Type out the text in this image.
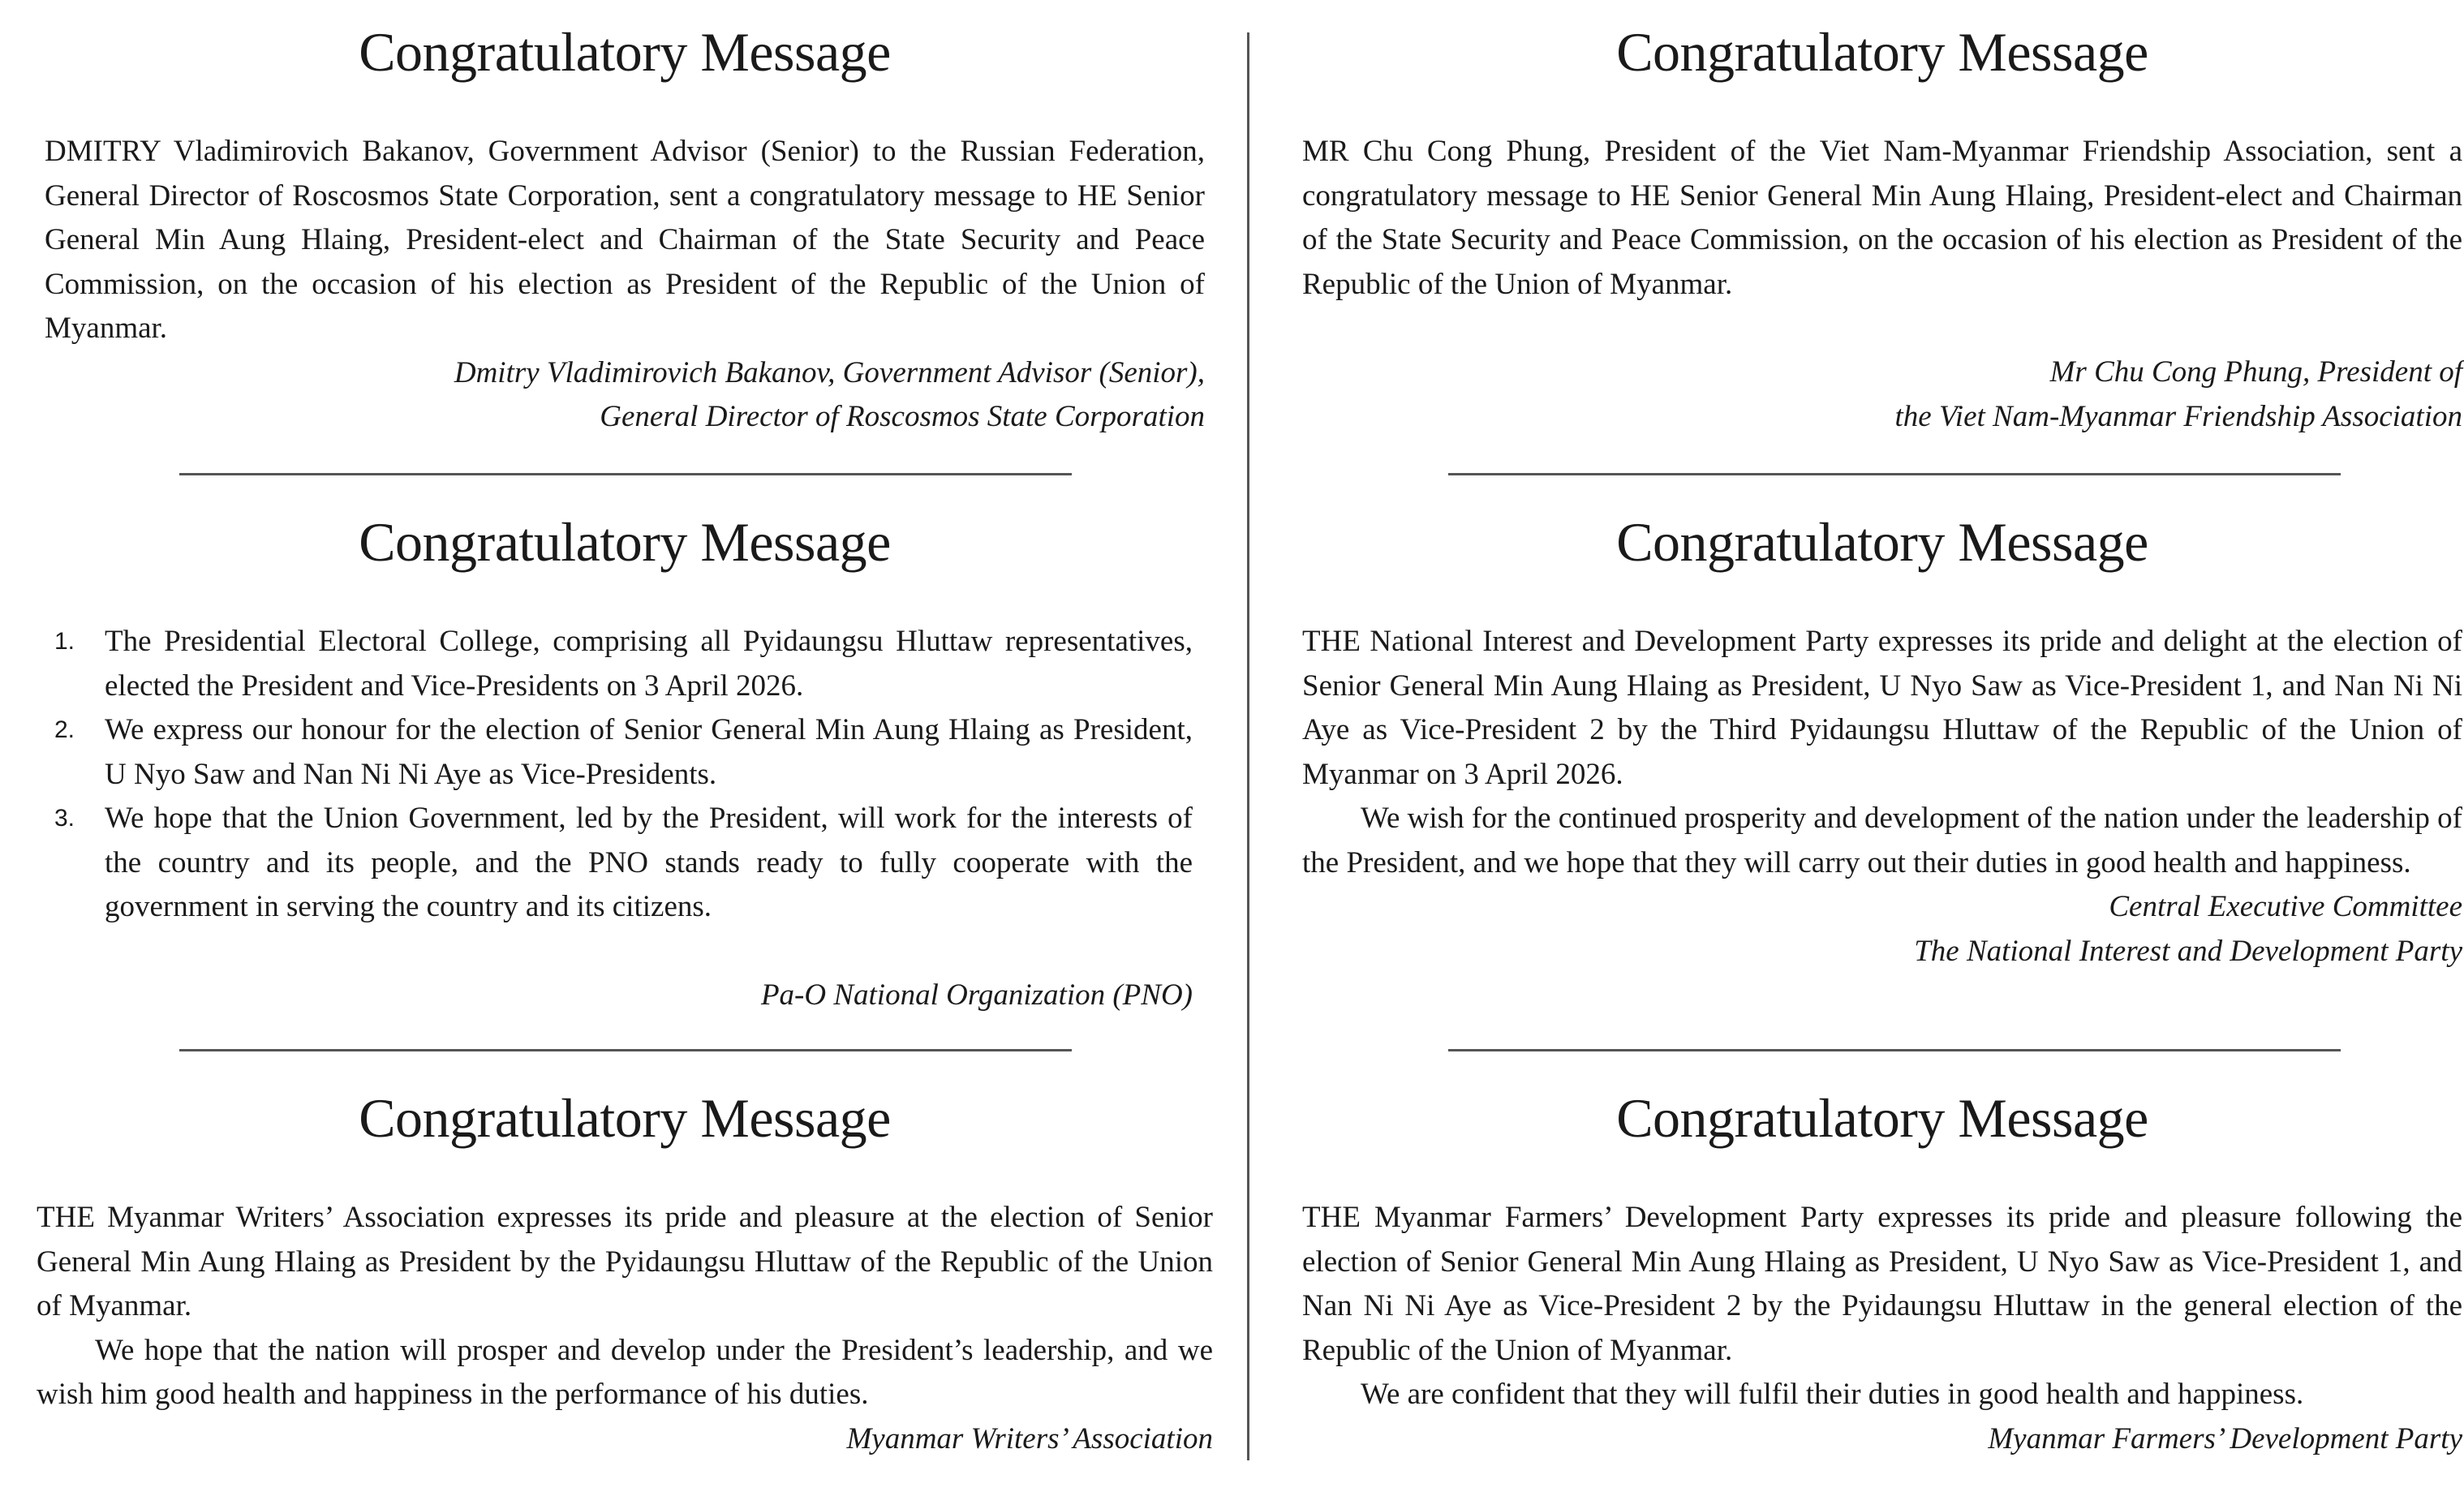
Congratulatory Message

DMITRY Vladimirovich Bakanov, Government Advisor (Senior) to the Russian Federation, General Director of Roscosmos State Corporation, sent a congratulatory message to HE Senior General Min Aung Hlaing, President-elect and Chairman of the State Security and Peace Commission, on the occasion of his election as President of the Republic of the Union of Myanmar.

Dmitry Vladimirovich Bakanov, Government Advisor (Senior),
General Director of Roscosmos State Corporation
Congratulatory Message
1. The Presidential Electoral College, comprising all Pyidaungsu Hluttaw representatives, elected the President and Vice-Presidents on 3 April 2026.
2. We express our honour for the election of Senior General Min Aung Hlaing as President, U Nyo Saw and Nan Ni Ni Aye as Vice-Presidents.
3. We hope that the Union Government, led by the President, will work for the interests of the country and its people, and the PNO stands ready to fully cooperate with the government in serving the country and its citizens.
Pa-O National Organization (PNO)
Congratulatory Message

THE Myanmar Writers’ Association expresses its pride and pleasure at the election of Senior General Min Aung Hlaing as President by the Pyidaungsu Hluttaw of the Republic of the Union of Myanmar.

We hope that the nation will prosper and develop under the President’s leadership, and we wish him good health and happiness in the performance of his duties.

Myanmar Writers’ Association
Congratulatory Message

MR Chu Cong Phung, President of the Viet Nam-Myanmar Friendship Association, sent a congratulatory message to HE Senior General Min Aung Hlaing, President-elect and Chairman of the State Security and Peace Commission, on the occasion of his election as President of the Republic of the Union of Myanmar.

Mr Chu Cong Phung, President of
the Viet Nam-Myanmar Friendship Association
Congratulatory Message

THE National Interest and Development Party expresses its pride and delight at the election of Senior General Min Aung Hlaing as President, U Nyo Saw as Vice-President 1, and Nan Ni Ni Aye as Vice-President 2 by the Third Pyidaungsu Hluttaw of the Republic of the Union of Myanmar on 3 April 2026.

We wish for the continued prosperity and development of the nation under the leadership of the President, and we hope that they will carry out their duties in good health and happiness.

Central Executive Committee
The National Interest and Development Party
Congratulatory Message

THE Myanmar Farmers’ Development Party expresses its pride and pleasure following the election of Senior General Min Aung Hlaing as President, U Nyo Saw as Vice-President 1, and Nan Ni Ni Aye as Vice-President 2 by the Pyidaungsu Hluttaw in the general election of the Republic of the Union of Myanmar.

We are confident that they will fulfil their duties in good health and happiness.

Myanmar Farmers’ Development Party
